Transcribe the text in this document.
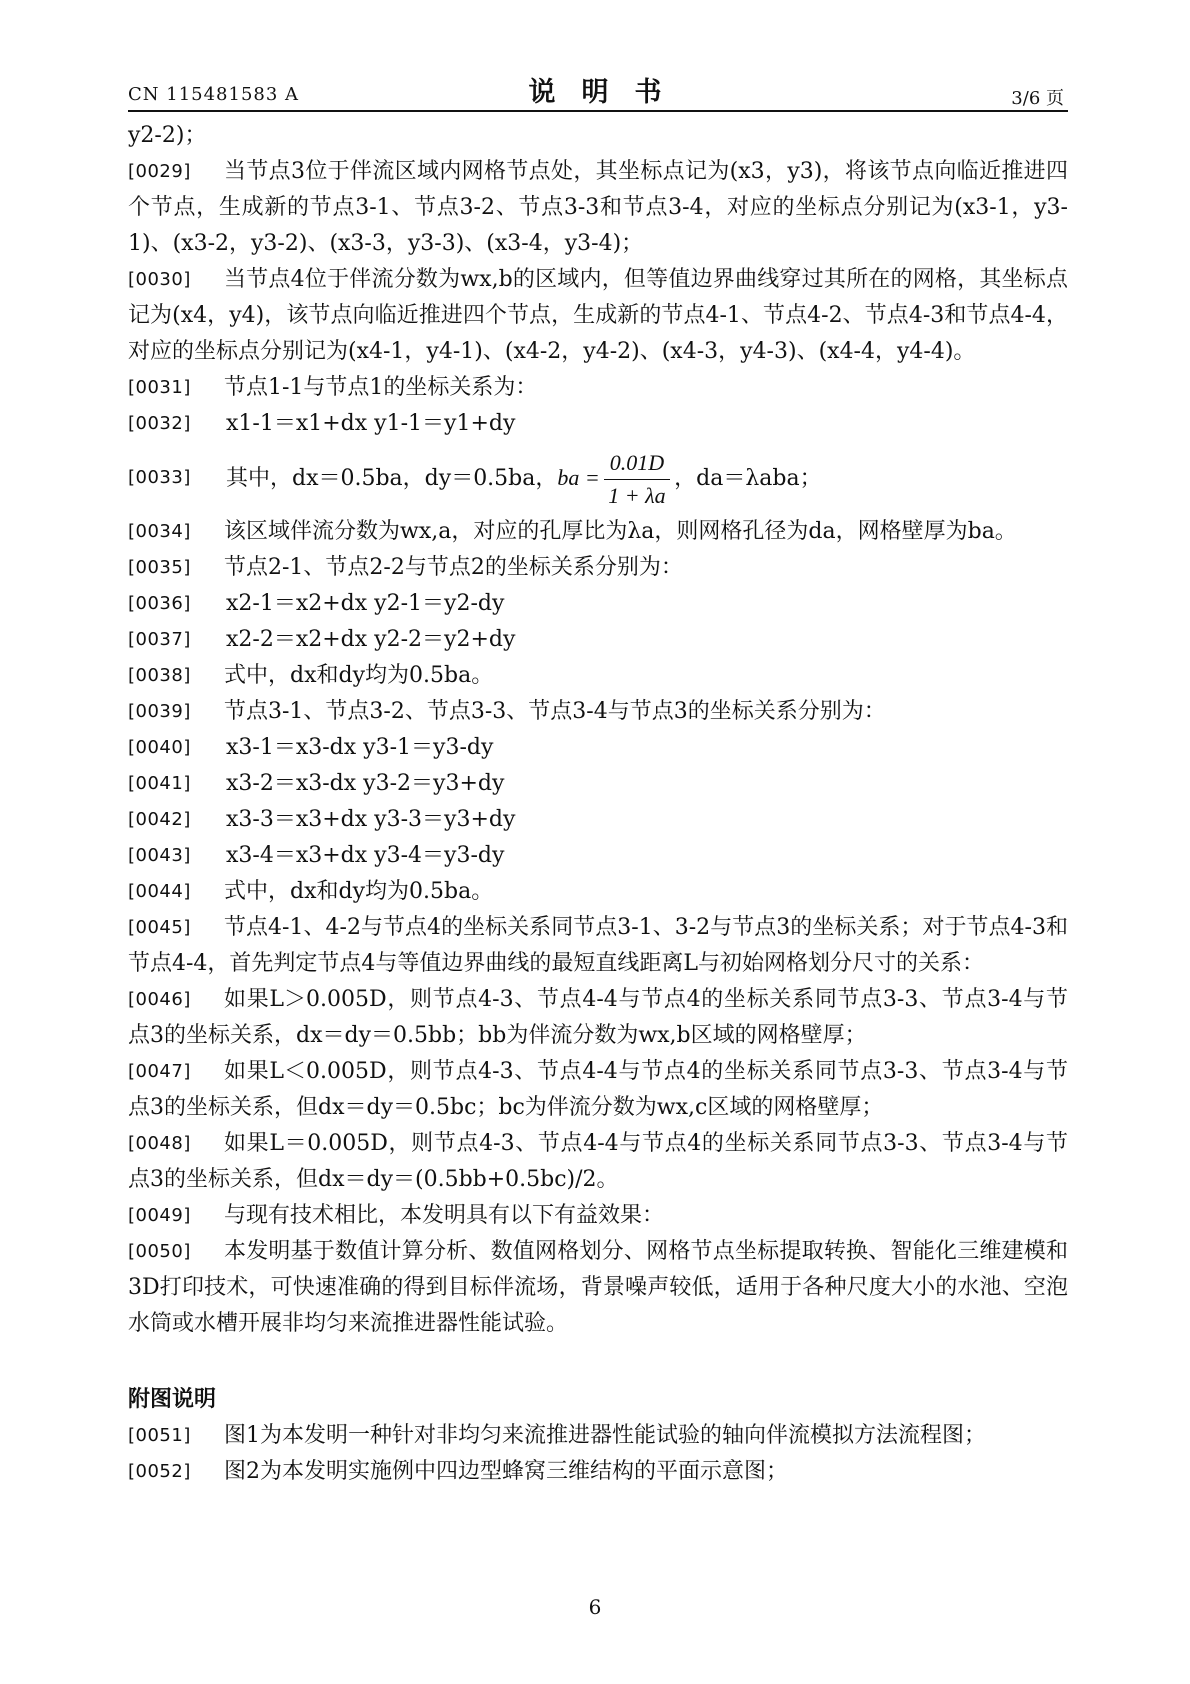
CN 115481583 A	说明书	3/6 页
y2-2)；
[0029]	当节点3位于伴流区域内网格节点处，其坐标点记为(x3，y3)，将该节点向临近推进四个节点，生成新的节点3-1、节点3-2、节点3-3和节点3-4，对应的坐标点分别记为(x3-1，y3-1)、(x3-2，y3-2)、(x3-3，y3-3)、(x3-4，y3-4)；

[0030]	当节点4位于伴流分数为wx,b的区域内，但等值边界曲线穿过其所在的网格，其坐标点记为(x4，y4)，该节点向临近推进四个节点，生成新的节点4-1、节点4-2、节点4-3和节点4-4，对应的坐标点分别记为(x4-1，y4-1)、(x4-2，y4-2)、(x4-3，y4-3)、(x4-4，y4-4)。

[0031]	节点1-1与节点1的坐标关系为：

[0032]	x1-1＝x1+dx y1-1＝y1+dy

[0033]	其中，dx＝0.5ba，dy＝0.5ba，ba = $\frac{0.01D}{1 + \lambda a}$ ，da＝λaba；

[0034]	该区域伴流分数为wx,a，对应的孔厚比为λa，则网格孔径为da，网格壁厚为ba。

[0035]	节点2-1、节点2-2与节点2的坐标关系分别为：

[0036]	x2-1＝x2+dx y2-1＝y2-dy

[0037]	x2-2＝x2+dx y2-2＝y2+dy

[0038]	式中，dx和dy均为0.5ba。

[0039]	节点3-1、节点3-2、节点3-3、节点3-4与节点3的坐标关系分别为：

[0040]	x3-1＝x3-dx y3-1＝y3-dy

[0041]	x3-2＝x3-dx y3-2＝y3+dy

[0042]	x3-3＝x3+dx y3-3＝y3+dy

[0043]	x3-4＝x3+dx y3-4＝y3-dy

[0044]	式中，dx和dy均为0.5ba。

[0045]	节点4-1、4-2与节点4的坐标关系同节点3-1、3-2与节点3的坐标关系；对于节点4-3和节点4-4，首先判定节点4与等值边界曲线的最短直线距离L与初始网格划分尺寸的关系：

[0046]	如果L＞0.005D，则节点4-3、节点4-4与节点4的坐标关系同节点3-3、节点3-4与节点3的坐标关系，dx＝dy＝0.5bb；bb为伴流分数为wx,b区域的网格壁厚；

[0047]	如果L＜0.005D，则节点4-3、节点4-4与节点4的坐标关系同节点3-3、节点3-4与节点3的坐标关系，但dx＝dy＝0.5bc；bc为伴流分数为wx,c区域的网格壁厚；

[0048]	如果L＝0.005D，则节点4-3、节点4-4与节点4的坐标关系同节点3-3、节点3-4与节点3的坐标关系，但dx＝dy＝(0.5bb+0.5bc)/2。

[0049]	与现有技术相比，本发明具有以下有益效果：

[0050]	本发明基于数值计算分析、数值网格划分、网格节点坐标提取转换、智能化三维建模和3D打印技术，可快速准确的得到目标伴流场，背景噪声较低，适用于各种尺度大小的水池、空泡水筒或水槽开展非均匀来流推进器性能试验。

附图说明

[0051]	图1为本发明一种针对非均匀来流推进器性能试验的轴向伴流模拟方法流程图；

[0052]	图2为本发明实施例中四边型蜂窝三维结构的平面示意图；

6
